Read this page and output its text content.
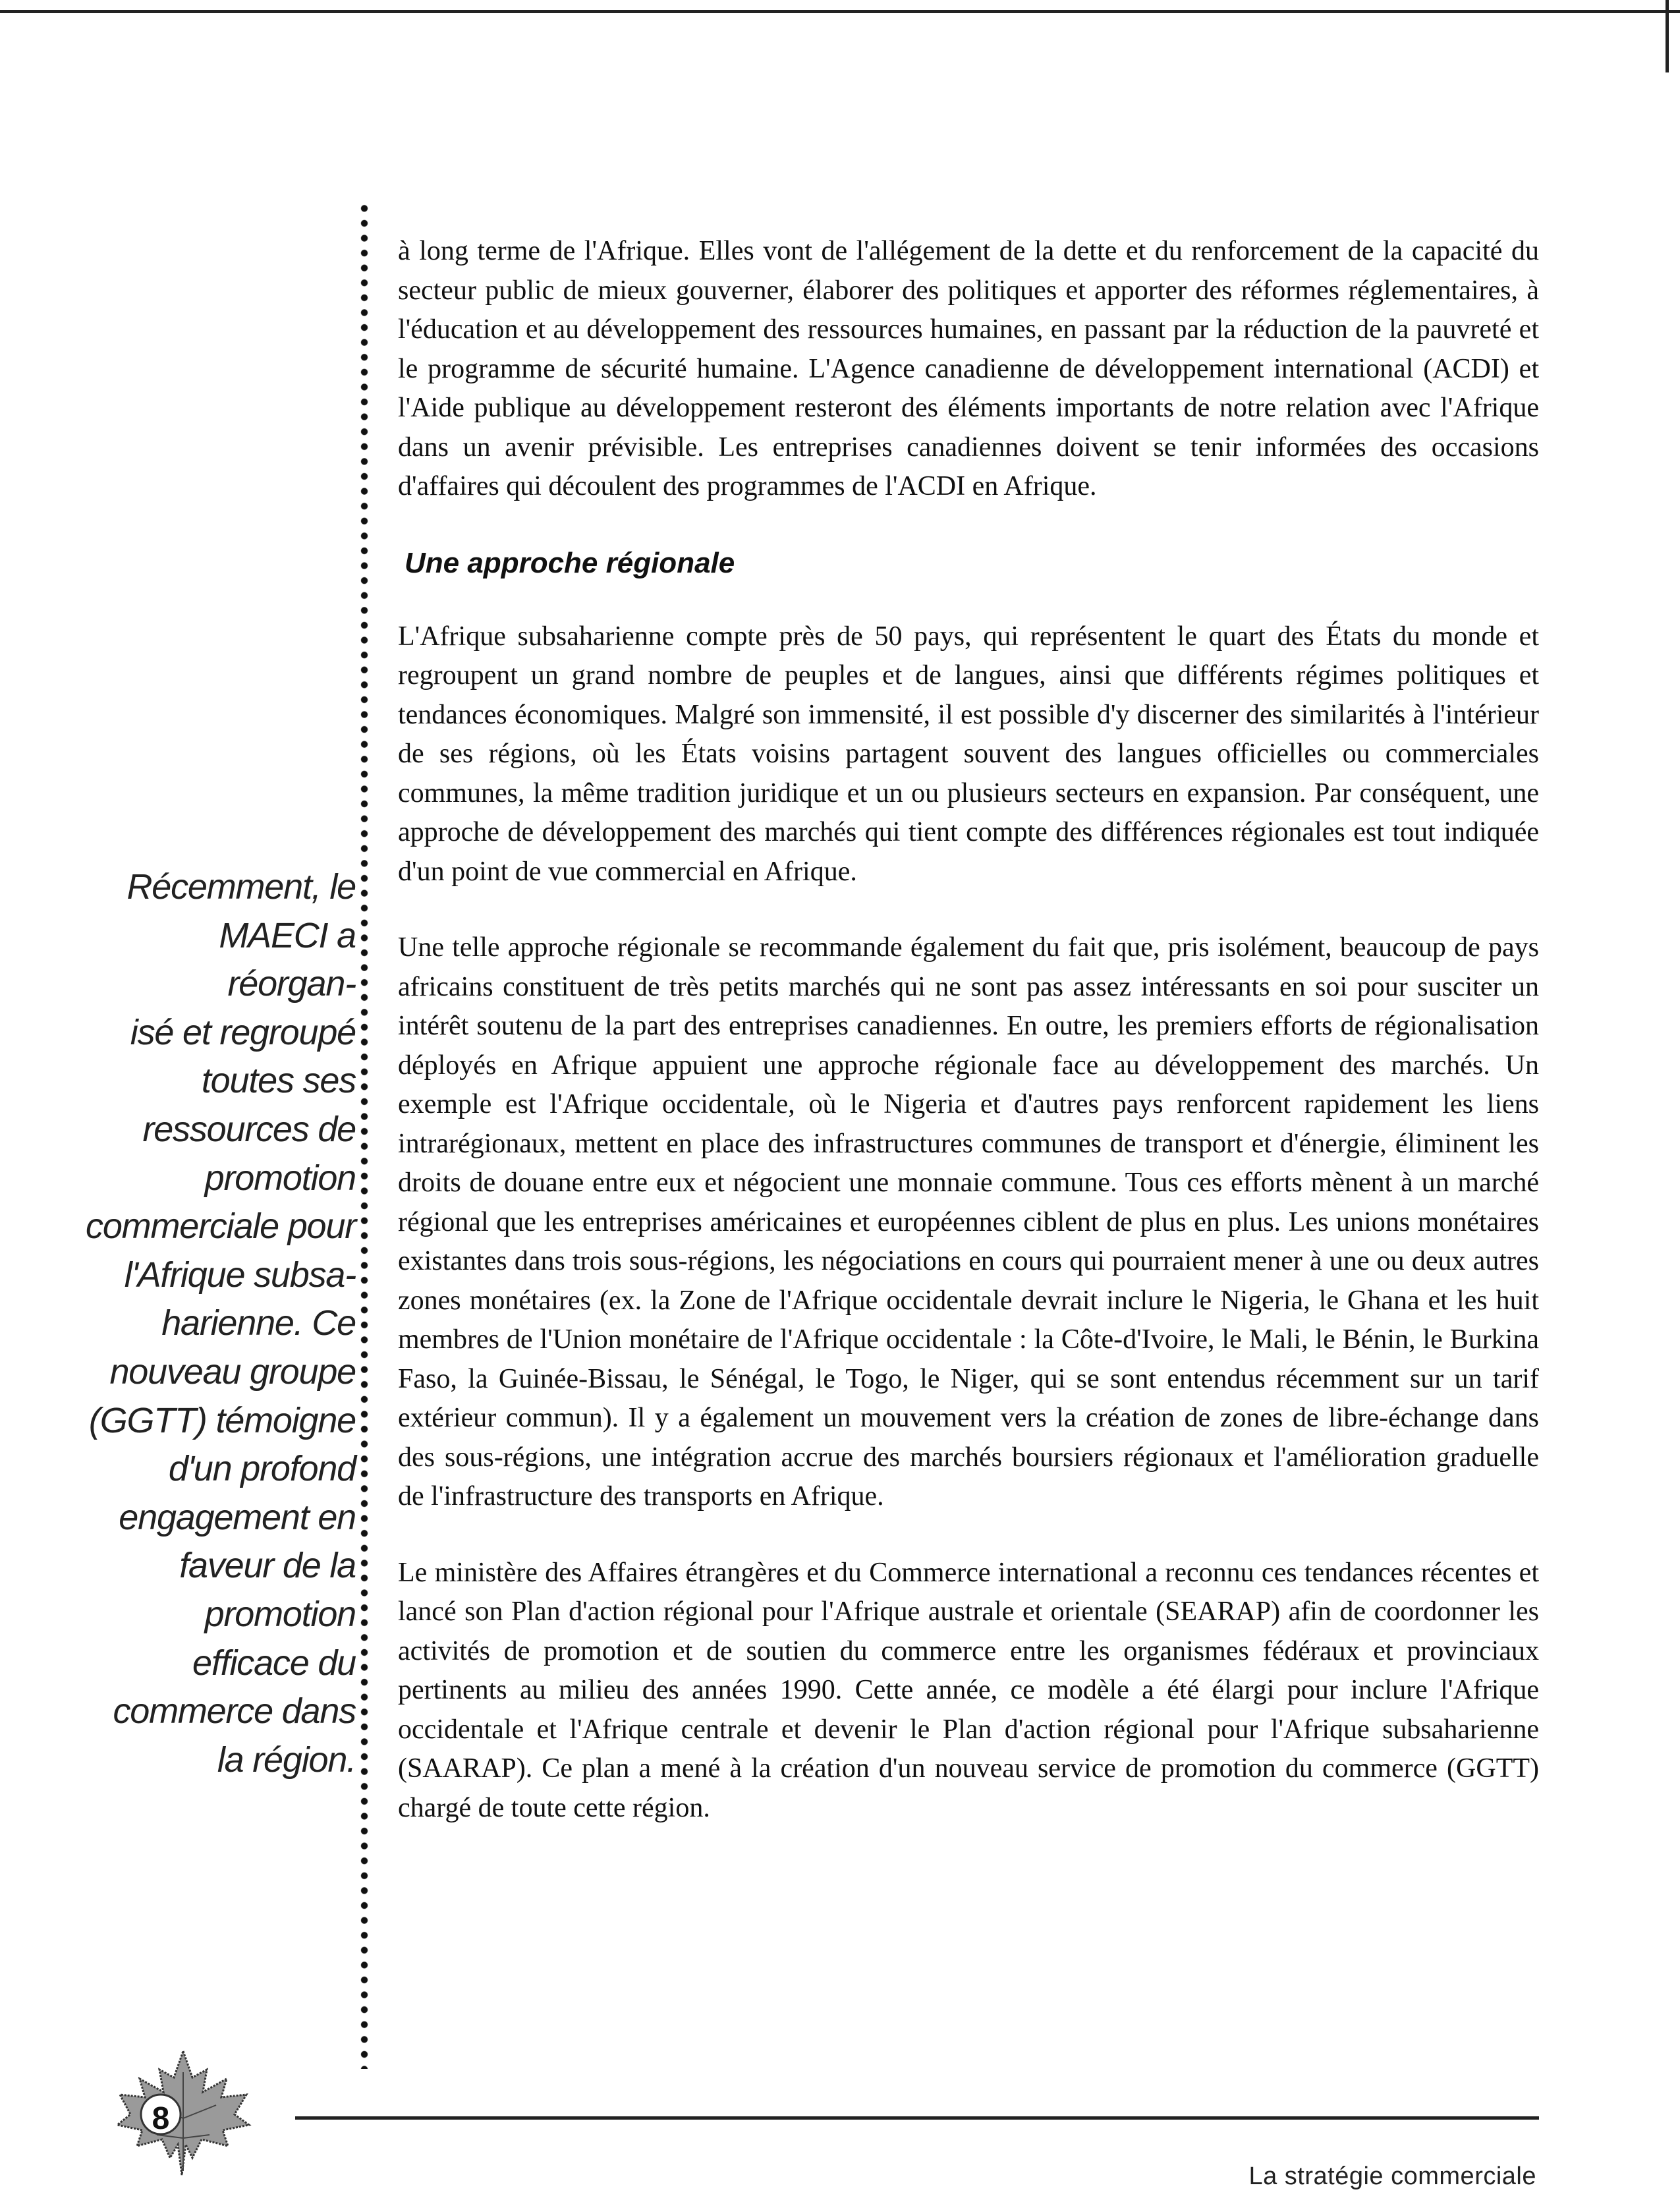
à long terme de l'Afrique. Elles vont de l'allégement de la dette et du renforcement de la capacité du secteur public de mieux gouverner, élaborer des politiques et apporter des réformes réglementaires, à l'éducation et au développement des ressources humaines, en passant par la réduction de la pauvreté et le programme de sécurité humaine. L'Agence canadienne de développement international (ACDI) et l'Aide publique au développement resteront des éléments importants de notre relation avec l'Afrique dans un avenir prévisible. Les entreprises canadiennes doivent se tenir informées des occasions d'affaires qui découlent des programmes de l'ACDI en Afrique.

Une approche régionale

L'Afrique subsaharienne compte près de 50 pays, qui représentent le quart des États du monde et regroupent un grand nombre de peuples et de langues, ainsi que différents régimes politiques et tendances économiques. Malgré son immensité, il est possible d'y discerner des similarités à l'intérieur de ses régions, où les États voisins partagent souvent des langues officielles ou commerciales communes, la même tradition juridique et un ou plusieurs secteurs en expansion. Par conséquent, une approche de développement des marchés qui tient compte des différences régionales est tout indiquée d'un point de vue commercial en Afrique.

Une telle approche régionale se recommande également du fait que, pris isolément, beaucoup de pays africains constituent de très petits marchés qui ne sont pas assez intéressants en soi pour susciter un intérêt soutenu de la part des entreprises canadiennes. En outre, les premiers efforts de régionalisation déployés en Afrique appuient une approche régionale face au développement des marchés. Un exemple est l'Afrique occidentale, où le Nigeria et d'autres pays renforcent rapidement les liens intrarégionaux, mettent en place des infrastructures communes de transport et d'énergie, éliminent les droits de douane entre eux et négocient une monnaie commune. Tous ces efforts mènent à un marché régional que les entreprises américaines et européennes ciblent de plus en plus. Les unions monétaires existantes dans trois sous-régions, les négociations en cours qui pourraient mener à une ou deux autres zones monétaires (ex. la Zone de l'Afrique occidentale devrait inclure le Nigeria, le Ghana et les huit membres de l'Union monétaire de l'Afrique occidentale : la Côte-d'Ivoire, le Mali, le Bénin, le Burkina Faso, la Guinée-Bissau, le Sénégal, le Togo, le Niger, qui se sont entendus récemment sur un tarif extérieur commun). Il y a également un mouvement vers la création de zones de libre-échange dans des sous-régions, une intégration accrue des marchés boursiers régionaux et l'amélioration graduelle de l'infrastructure des transports en Afrique.

Le ministère des Affaires étrangères et du Commerce international a reconnu ces tendances récentes et lancé son Plan d'action régional pour l'Afrique australe et orientale (SEARAP) afin de coordonner les activités de promotion et de soutien du commerce entre les organismes fédéraux et provinciaux pertinents au milieu des années 1990. Cette année, ce modèle a été élargi pour inclure l'Afrique occidentale et l'Afrique centrale et devenir le Plan d'action régional pour l'Afrique subsaharienne (SAARAP). Ce plan a mené à la création d'un nouveau service de promotion du commerce (GGTT) chargé de toute cette région.

Récemment, le
MAECI a réorgan-
isé et regroupé
toutes ses
ressources de
promotion
commerciale pour
l'Afrique subsa-
harienne. Ce
nouveau groupe
(GGTT) témoigne
d'un profond
engagement en
faveur de la
promotion
efficace du
commerce dans
la région.
8
La stratégie commerciale
